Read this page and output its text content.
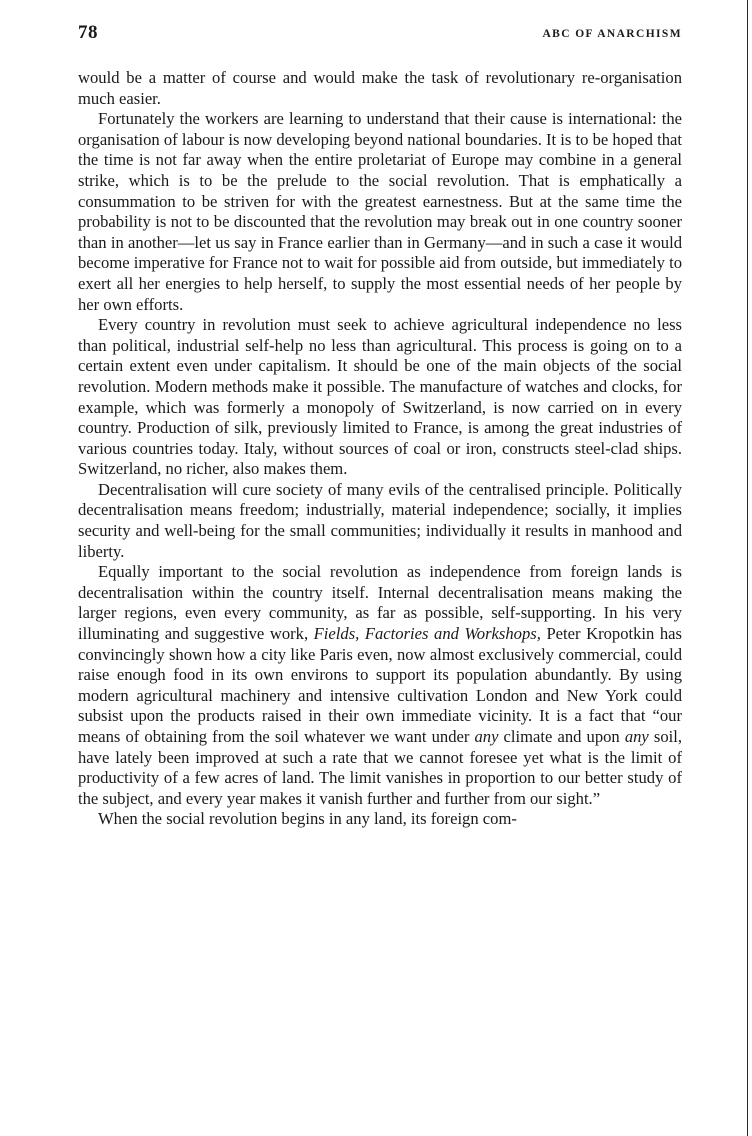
78	ABC OF ANARCHISM

would be a matter of course and would make the task of revolutionary re-organisation much easier.

Fortunately the workers are learning to understand that their cause is international: the organisation of labour is now developing beyond national boundaries. It is to be hoped that the time is not far away when the entire proletariat of Europe may combine in a general strike, which is to be the prelude to the social revolution. That is emphatically a consummation to be striven for with the greatest earnestness. But at the same time the probability is not to be discounted that the revolution may break out in one country sooner than in another—let us say in France earlier than in Germany—and in such a case it would become imperative for France not to wait for possible aid from outside, but immediately to exert all her energies to help herself, to supply the most essential needs of her people by her own efforts.

Every country in revolution must seek to achieve agricultural independence no less than political, industrial self-help no less than agricultural. This process is going on to a certain extent even under capitalism. It should be one of the main objects of the social revolution. Modern methods make it possible. The manufacture of watches and clocks, for example, which was formerly a monopoly of Switzerland, is now carried on in every country. Production of silk, previously limited to France, is among the great industries of various countries today. Italy, without sources of coal or iron, constructs steel-clad ships. Switzerland, no richer, also makes them.

Decentralisation will cure society of many evils of the centralised principle. Politically decentralisation means freedom; industrially, material independence; socially, it implies security and well-being for the small communities; individually it results in manhood and liberty.

Equally important to the social revolution as independence from foreign lands is decentralisation within the country itself. Internal decentralisation means making the larger regions, even every community, as far as possible, self-supporting. In his very illuminating and suggestive work, Fields, Factories and Workshops, Peter Kropotkin has convincingly shown how a city like Paris even, now almost exclusively commercial, could raise enough food in its own environs to support its population abundantly. By using modern agricultural machinery and intensive cultivation London and New York could subsist upon the products raised in their own immediate vicinity. It is a fact that “our means of obtaining from the soil whatever we want under any climate and upon any soil, have lately been improved at such a rate that we cannot foresee yet what is the limit of productivity of a few acres of land. The limit vanishes in proportion to our better study of the subject, and every year makes it vanish further and further from our sight.”

When the social revolution begins in any land, its foreign com-
